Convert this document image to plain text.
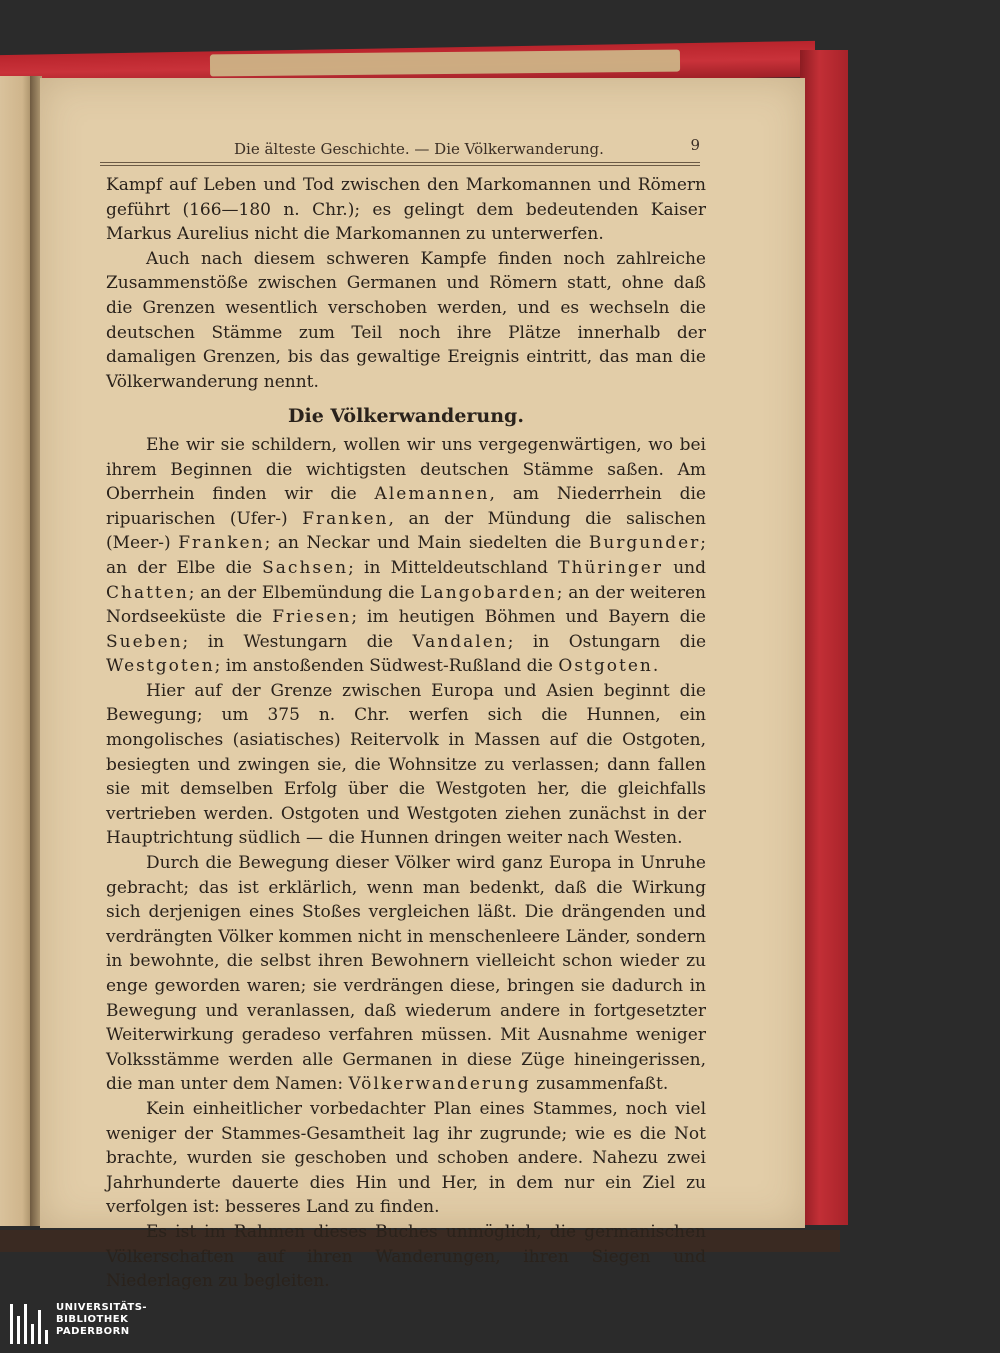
Die älteste Geschichte. — Die Völkerwanderung.	9

Kampf auf Leben und Tod zwischen den Markomannen und Römern geführt (166—180 n. Chr.); es gelingt dem bedeutenden Kaiser Markus Aurelius nicht die Markomannen zu unterwerfen.

Auch nach diesem schweren Kampfe finden noch zahlreiche Zusammenstöße zwischen Germanen und Römern statt, ohne daß die Grenzen wesentlich verschoben werden, und es wechseln die deutschen Stämme zum Teil noch ihre Plätze innerhalb der damaligen Grenzen, bis das gewaltige Ereignis eintritt, das man die Völkerwanderung nennt.

Die Völkerwanderung.

Ehe wir sie schildern, wollen wir uns vergegenwärtigen, wo bei ihrem Beginnen die wichtigsten deutschen Stämme saßen. Am Oberrhein finden wir die Alemannen, am Niederrhein die ripuarischen (Ufer-) Franken, an der Mündung die salischen (Meer-) Franken; an Neckar und Main siedelten die Burgunder; an der Elbe die Sachsen; in Mitteldeutschland Thüringer und Chatten; an der Elbemündung die Langobarden; an der weiteren Nordseeküste die Friesen; im heutigen Böhmen und Bayern die Sueben; in Westungarn die Vandalen; in Ostungarn die Westgoten; im anstoßenden Südwest-Rußland die Ostgoten.

Hier auf der Grenze zwischen Europa und Asien beginnt die Bewegung; um 375 n. Chr. werfen sich die Hunnen, ein mongolisches (asiatisches) Reitervolk in Massen auf die Ostgoten, besiegten und zwingen sie, die Wohnsitze zu verlassen; dann fallen sie mit demselben Erfolg über die Westgoten her, die gleichfalls vertrieben werden. Ostgoten und Westgoten ziehen zunächst in der Hauptrichtung südlich — die Hunnen dringen weiter nach Westen.

Durch die Bewegung dieser Völker wird ganz Europa in Unruhe gebracht; das ist erklärlich, wenn man bedenkt, daß die Wirkung sich derjenigen eines Stoßes vergleichen läßt. Die drängenden und verdrängten Völker kommen nicht in menschenleere Länder, sondern in bewohnte, die selbst ihren Bewohnern vielleicht schon wieder zu enge geworden waren; sie verdrängen diese, bringen sie dadurch in Bewegung und veranlassen, daß wiederum andere in fortgesetzter Weiterwirkung geradeso verfahren müssen. Mit Ausnahme weniger Volksstämme werden alle Germanen in diese Züge hineingerissen, die man unter dem Namen: Völkerwanderung zusammenfaßt.

Kein einheitlicher vorbedachter Plan eines Stammes, noch viel weniger der Stammes-Gesamtheit lag ihr zugrunde; wie es die Not brachte, wurden sie geschoben und schoben andere. Nahezu zwei Jahrhunderte dauerte dies Hin und Her, in dem nur ein Ziel zu verfolgen ist: besseres Land zu finden.

Es ist im Rahmen dieses Buches unmöglich, die germanischen Völkerschaften auf ihren Wanderungen, ihren Siegen und Niederlagen zu begleiten.

UNIVERSITÄTS-
BIBLIOTHEK
PADERBORN
